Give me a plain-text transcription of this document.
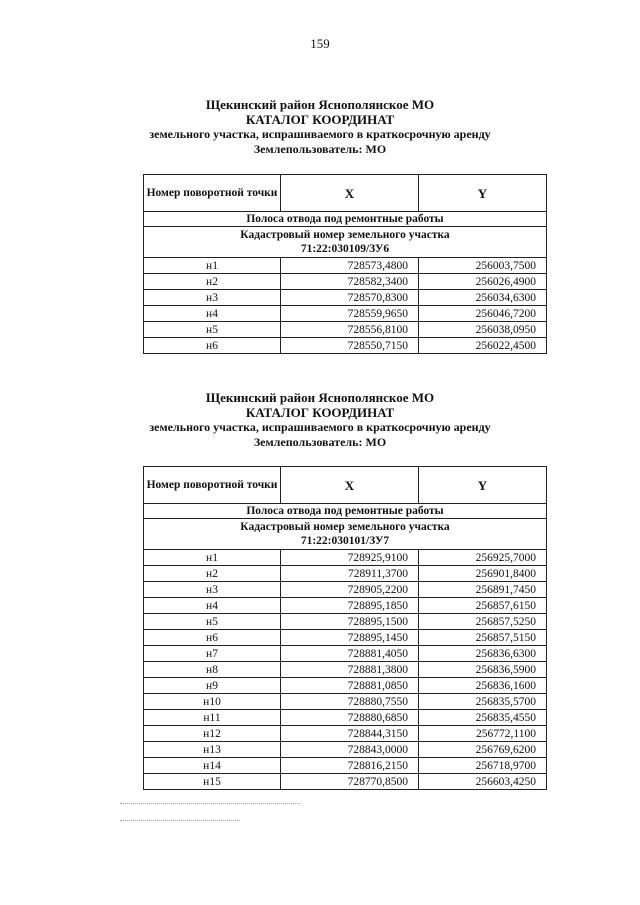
159
Щекинский район Яснополянское МО
КАТАЛОГ КООРДИНАТ
земельного участка, испрашиваемого в краткосрочную аренду
Землепользователь: МО
Номер поворотной точки	X	Y
Полоса отвода под ремонтные работы		

Кадастровый номер земельного участка
71:22:030109/ЗУ6		

н1	728573,4800	256003,7500
н2	728582,3400	256026,4900
н3	728570,8300	256034,6300
н4	728559,9650	256046,7200
н5	728556,8100	256038,0950
н6	728550,7150	256022,4500
Щекинский район Яснополянское МО
КАТАЛОГ КООРДИНАТ
земельного участка, испрашиваемого в краткосрочную аренду
Землепользователь: МО
Номер поворотной точки	X	Y
Полоса отвода под ремонтные работы		

Кадастровый номер земельного участка
71:22:030101/ЗУ7		

н1	728925,9100	256925,7000
н2	728911,3700	256901,8400
н3	728905,2200	256891,7450
н4	728895,1850	256857,6150
н5	728895,1500	256857,5250
н6	728895,1450	256857,5150
н7	728881,4050	256836,6300
н8	728881,3800	256836,5900
н9	728881,0850	256836,1600
н10	728880,7550	256835,5700
н11	728880,6850	256835,4550
н12	728844,3150	256772,1100
н13	728843,0000	256769,6200
н14	728816,2150	256718,9700
н15	728770,8500	256603,4250
